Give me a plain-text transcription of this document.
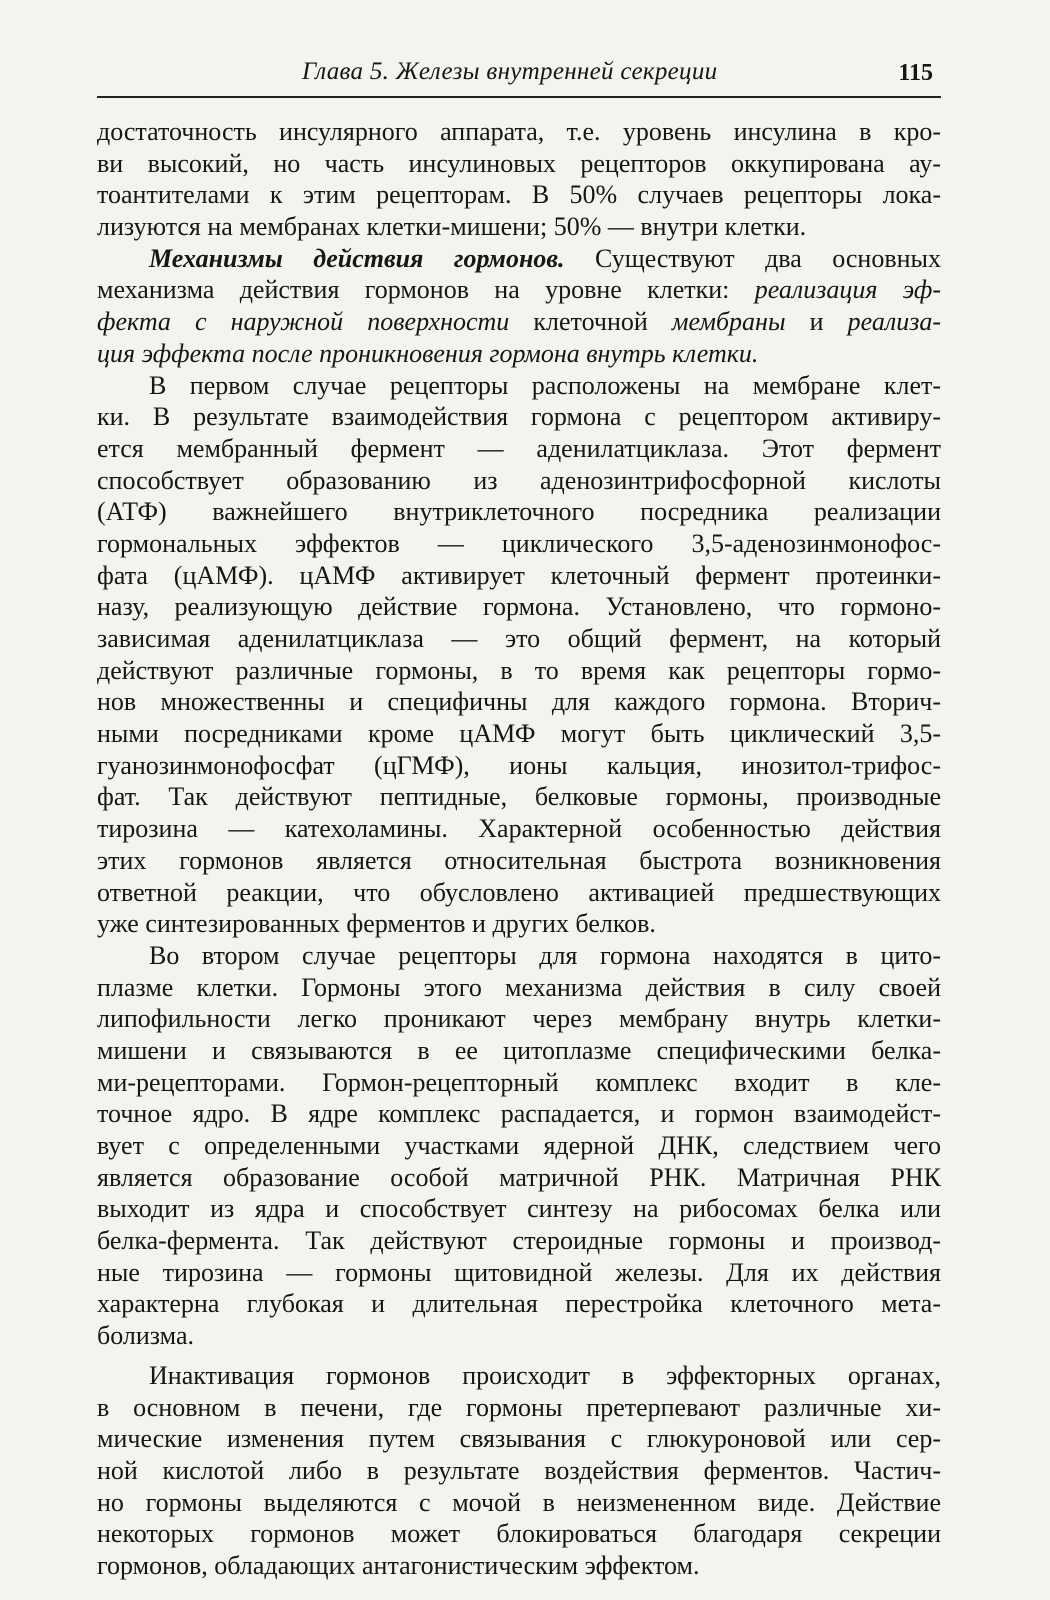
Глава 5. Железы внутренней секреции	115
достаточность инсулярного аппарата, т.е. уровень инсулина в кро-
ви высокий, но часть инсулиновых рецепторов оккупирована ау-
тоантителами к этим рецепторам. В 50% случаев рецепторы лока-
лизуются на мембранах клетки-мишени; 50% — внутри клетки.
Механизмы действия гормонов. Существуют два основных
механизма действия гормонов на уровне клетки: реализация эф-
фекта с наружной поверхности клеточной мембраны и реализа-
ция эффекта после проникновения гормона внутрь клетки.
В первом случае рецепторы расположены на мембране клет-
ки. В результате взаимодействия гормона с рецептором активиру-
ется мембранный фермент — аденилатциклаза. Этот фермент
способствует образованию из аденозинтрифосфорной кислоты
(АТФ) важнейшего внутриклеточного посредника реализации
гормональных эффектов — циклического 3,5-аденозинмонофос-
фата (цАМФ). цАМФ активирует клеточный фермент протеинки-
назу, реализующую действие гормона. Установлено, что гормоно-
зависимая аденилатциклаза — это общий фермент, на который
действуют различные гормоны, в то время как рецепторы гормо-
нов множественны и специфичны для каждого гормона. Вторич-
ными посредниками кроме цАМФ могут быть циклический 3,5-
гуанозинмонофосфат (цГМФ), ионы кальция, инозитол-трифос-
фат. Так действуют пептидные, белковые гормоны, производные
тирозина — катехоламины. Характерной особенностью действия
этих гормонов является относительная быстрота возникновения
ответной реакции, что обусловлено активацией предшествующих
уже синтезированных ферментов и других белков.
Во втором случае рецепторы для гормона находятся в цито-
плазме клетки. Гормоны этого механизма действия в силу своей
липофильности легко проникают через мембрану внутрь клетки-
мишени и связываются в ее цитоплазме специфическими белка-
ми-рецепторами. Гормон-рецепторный комплекс входит в кле-
точное ядро. В ядре комплекс распадается, и гормон взаимодейст-
вует с определенными участками ядерной ДНК, следствием чего
является образование особой матричной РНК. Матричная РНК
выходит из ядра и способствует синтезу на рибосомах белка или
белка-фермента. Так действуют стероидные гормоны и производ-
ные тирозина — гормоны щитовидной железы. Для их действия
характерна глубокая и длительная перестройка клеточного мета-
болизма.
Инактивация гормонов происходит в эффекторных органах,
в основном в печени, где гормоны претерпевают различные хи-
мические изменения путем связывания с глюкуроновой или сер-
ной кислотой либо в результате воздействия ферментов. Частич-
но гормоны выделяются с мочой в неизмененном виде. Действие
некоторых гормонов может блокироваться благодаря секреции
гормонов, обладающих антагонистическим эффектом.
